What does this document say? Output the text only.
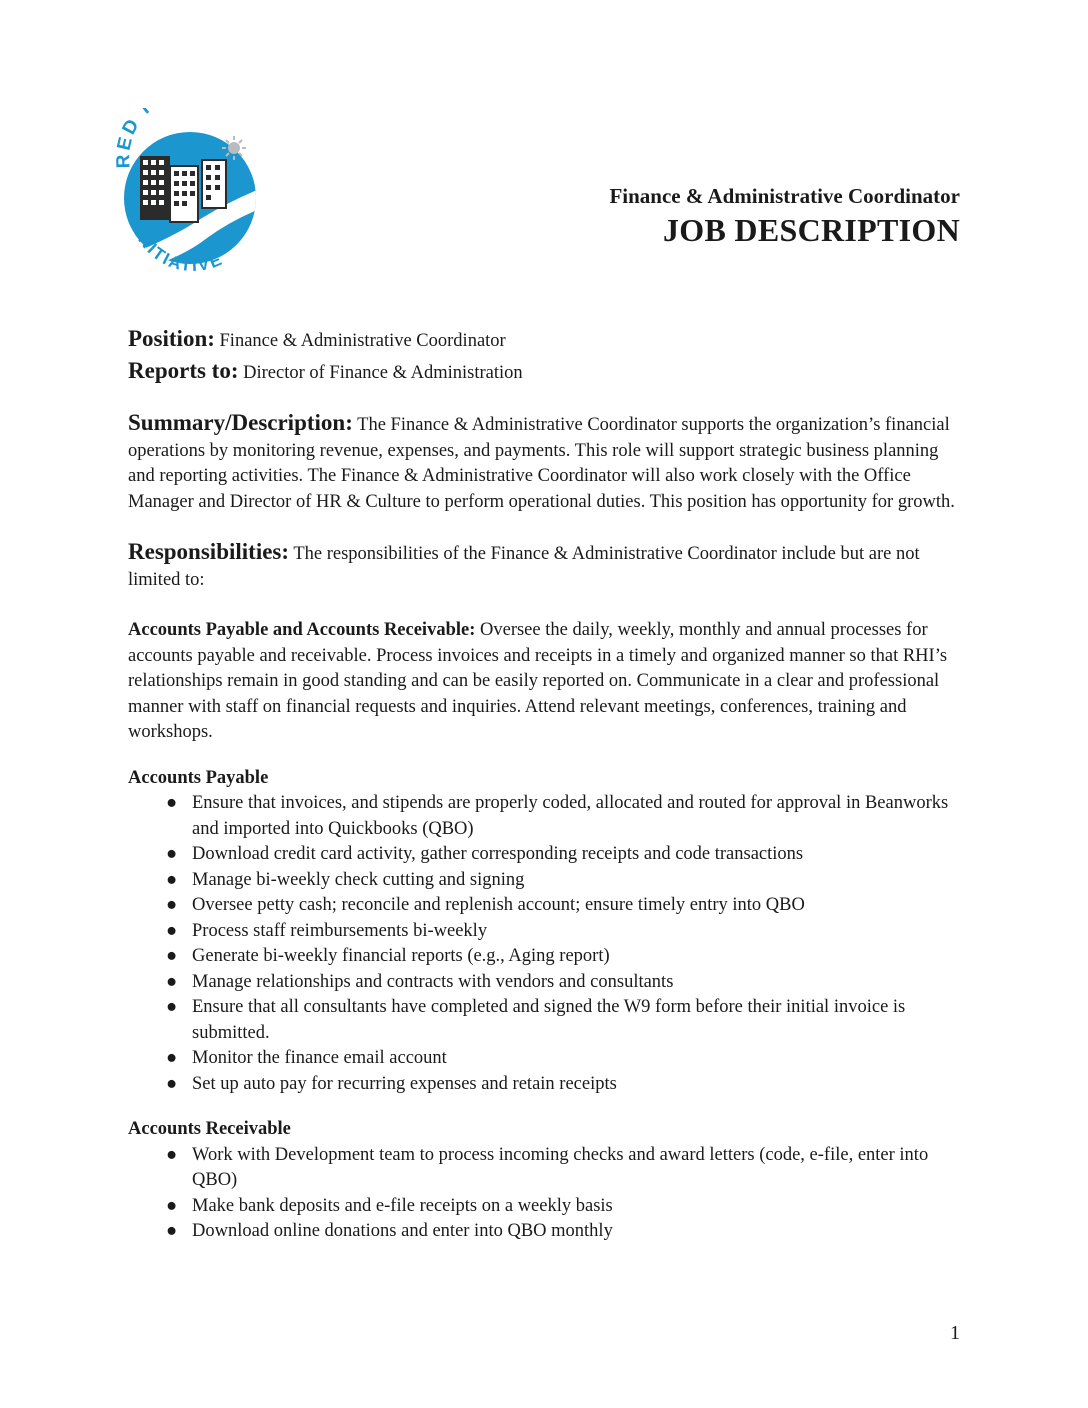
RED
INITIATIVE
Finance & Administrative Coordinator
JOB DESCRIPTION

Position: Finance & Administrative Coordinator

Reports to: Director of Finance & Administration

Summary/Description: The Finance & Administrative Coordinator supports the organization’s financial operations by monitoring revenue, expenses, and payments. This role will support strategic business planning and reporting activities. The Finance & Administrative Coordinator will also work closely with the Office Manager and Director of HR & Culture to perform operational duties. This position has opportunity for growth.

Responsibilities: The responsibilities of the Finance & Administrative Coordinator include but are not limited to:

Accounts Payable and Accounts Receivable: Oversee the daily, weekly, monthly and annual processes for accounts payable and receivable. Process invoices and receipts in a timely and organized manner so that RHI’s relationships remain in good standing and can be easily reported on. Communicate in a clear and professional manner with staff on financial requests and inquiries. Attend relevant meetings, conferences, training and workshops.

Accounts Payable

● Ensure that invoices, and stipends are properly coded, allocated and routed for approval in Beanworks and imported into Quickbooks (QBO)
● Download credit card activity, gather corresponding receipts and code transactions
● Manage bi-weekly check cutting and signing
● Oversee petty cash; reconcile and replenish account; ensure timely entry into QBO
● Process staff reimbursements bi-weekly
● Generate bi-weekly financial reports (e.g., Aging report)
● Manage relationships and contracts with vendors and consultants
● Ensure that all consultants have completed and signed the W9 form before their initial invoice is submitted.
● Monitor the finance email account
● Set up auto pay for recurring expenses and retain receipts

Accounts Receivable

● Work with Development team to process incoming checks and award letters (code, e-file, enter into QBO)
● Make bank deposits and e-file receipts on a weekly basis
● Download online donations and enter into QBO monthly
1
